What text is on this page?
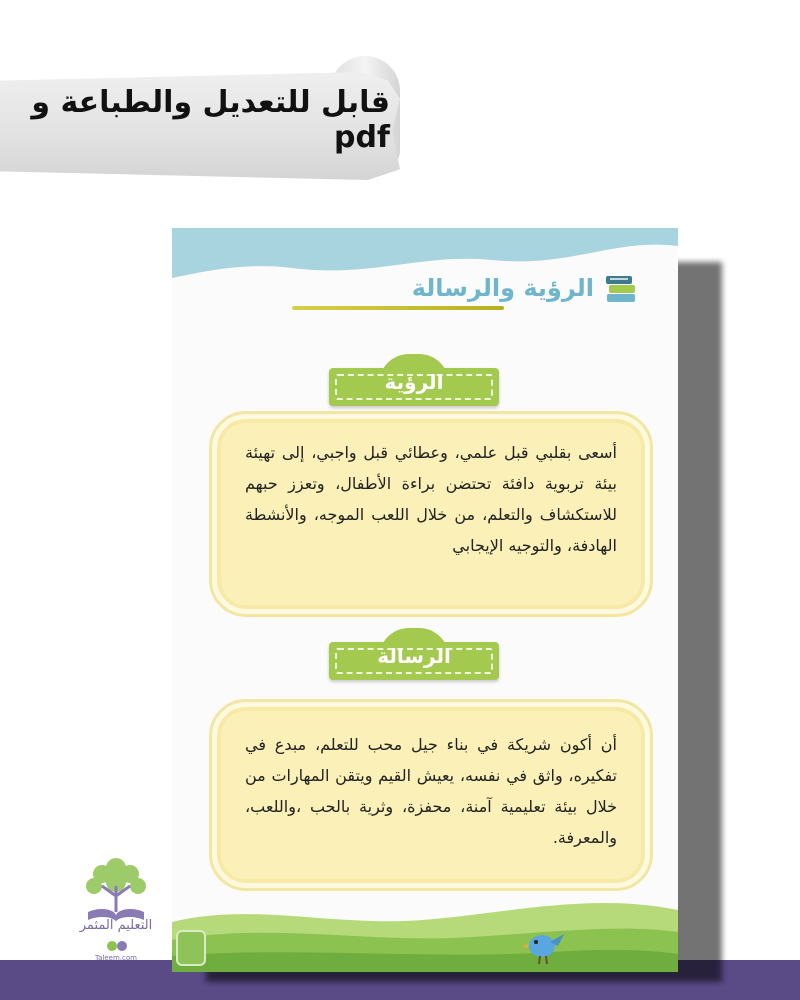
قابل للتعديل والطباعة و pdf
الرؤية والرسالة
الرؤية
أسعى بقلبي قبل علمي، وعطائي قبل واجبي، إلى تهيئة بيئة تربوية دافئة تحتضن براءة الأطفال، وتعزز حبهم للاستكشاف والتعلم، من خلال اللعب الموجه، والأنشطة الهادفة، والتوجيه الإيجابي
الرسالة
أن أكون شريكة في بناء جيل محب للتعلم، مبدع في تفكيره، واثق في نفسه، يعيش القيم ويتقن المهارات من خلال بيئة تعليمية آمنة، محفزة، وثرية بالحب ،واللعب، والمعرفة.
التعليم المثمر
Taleem.com
